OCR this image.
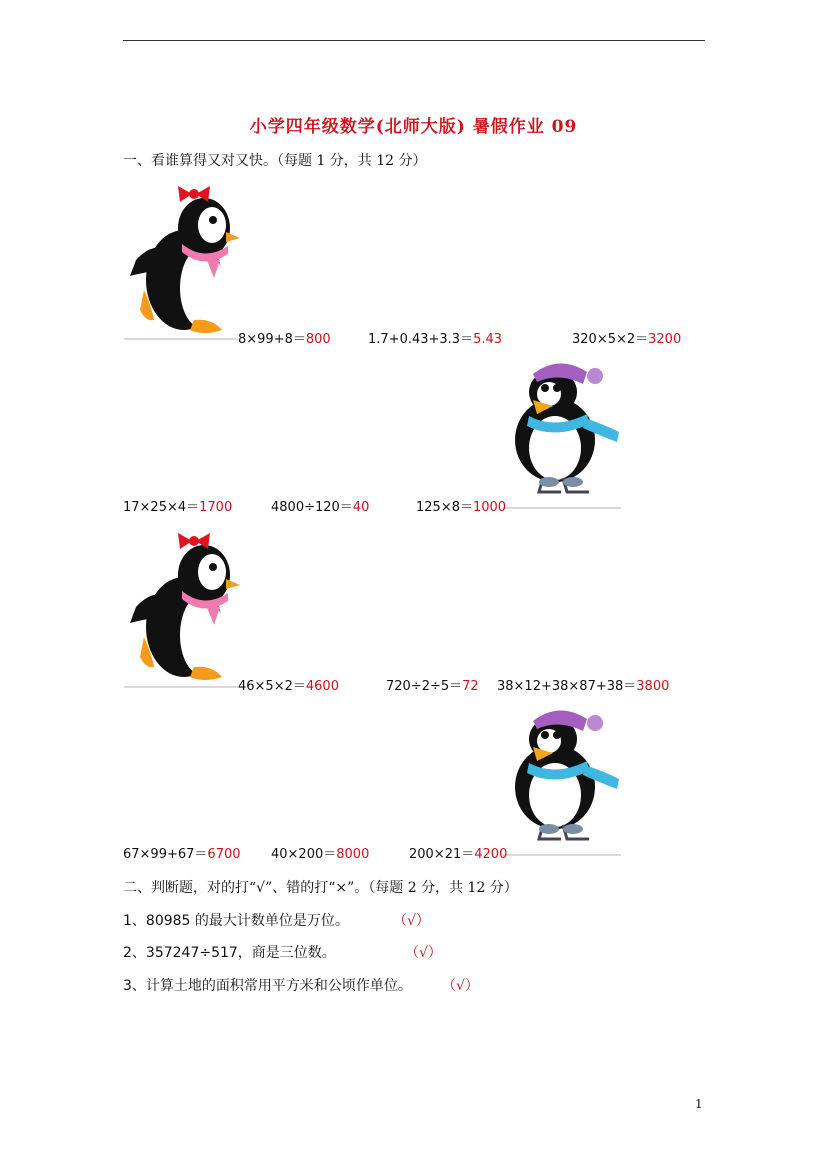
小学四年级数学(北师大版) 暑假作业 09
一、看谁算得又对又快。（每题 1 分，共 12 分）
8×99+8＝800	1.7+0.43+3.3＝5.43	320×5×2＝3200
17×25×4＝1700	4800÷120＝40	125×8＝1000
46×5×2＝4600	720÷2÷5＝72 38×12+38×87+38＝3800
67×99+67＝6700 40×200＝8000	200×21＝4200
二、判断题，对的打“√”、错的打“×”。（每题 2 分，共 12 分）
1、80985 的最大计数单位是万位。	（√）
2、357247÷517，商是三位数。	（√）
3、计算土地的面积常用平方米和公顷作单位。 （√）
1
